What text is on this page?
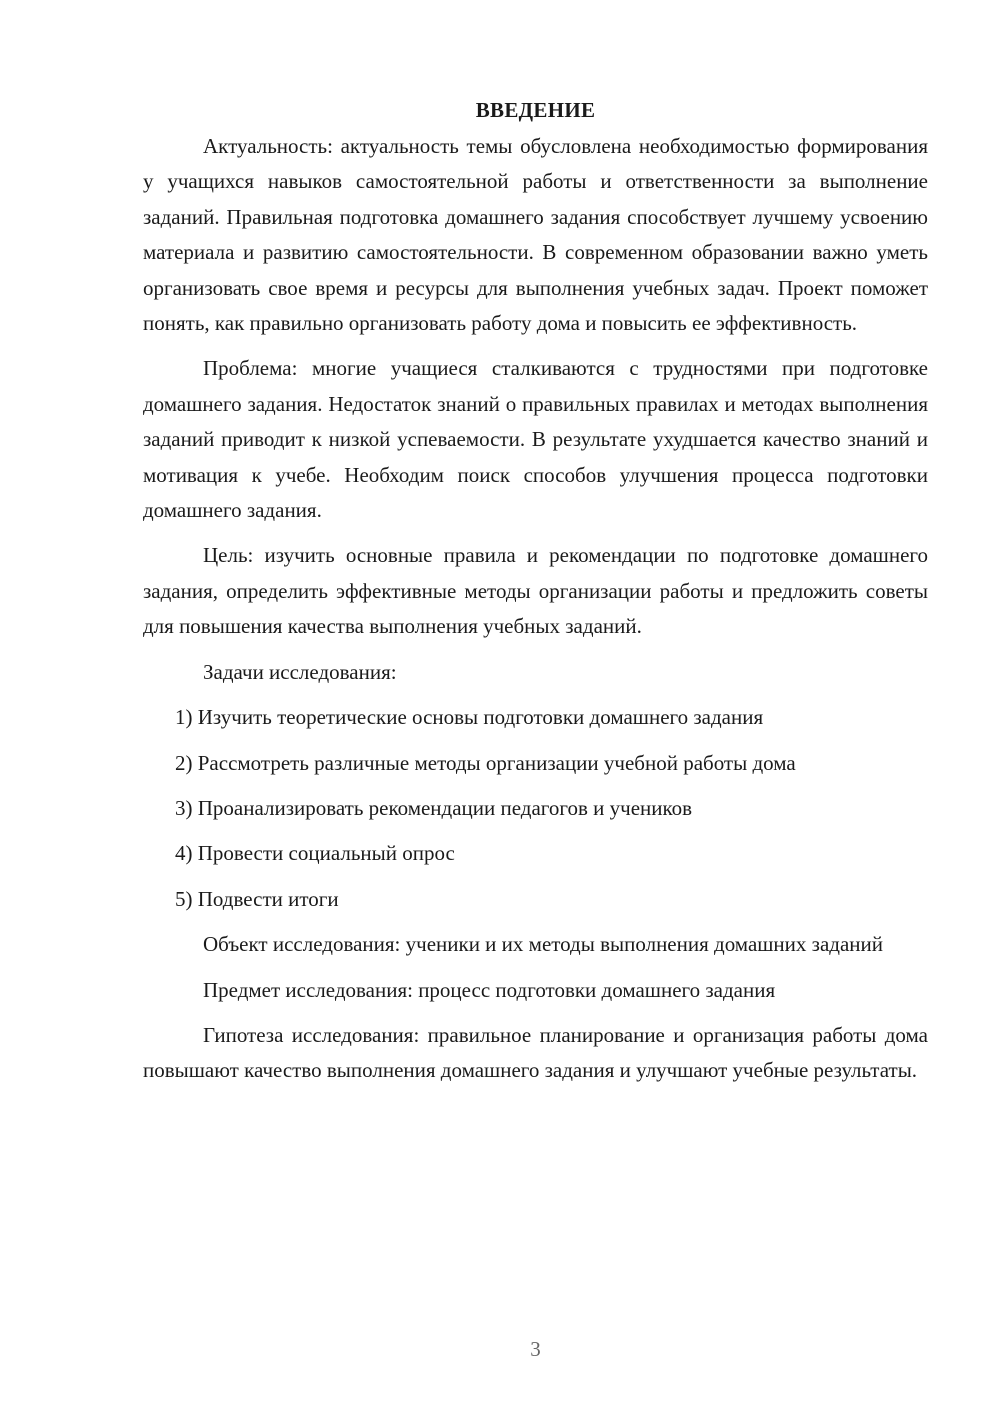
ВВЕДЕНИЕ

Актуальность: актуальность темы обусловлена необходимостью формирования у учащихся навыков самостоятельной работы и ответственности за выполнение заданий. Правильная подготовка домашнего задания способствует лучшему усвоению материала и развитию самостоятельности. В современном образовании важно уметь организовать свое время и ресурсы для выполнения учебных задач. Проект поможет понять, как правильно организовать работу дома и повысить ее эффективность.

Проблема: многие учащиеся сталкиваются с трудностями при подготовке домашнего задания. Недостаток знаний о правильных правилах и методах выполнения заданий приводит к низкой успеваемости. В результате ухудшается качество знаний и мотивация к учебе. Необходим поиск способов улучшения процесса подготовки домашнего задания.

Цель: изучить основные правила и рекомендации по подготовке домашнего задания, определить эффективные методы организации работы и предложить советы для повышения качества выполнения учебных заданий.

Задачи исследования:

1) Изучить теоретические основы подготовки домашнего задания
2) Рассмотреть различные методы организации учебной работы дома
3) Проанализировать рекомендации педагогов и учеников
4) Провести социальный опрос
5) Подвести итоги

Объект исследования: ученики и их методы выполнения домашних заданий

Предмет исследования: процесс подготовки домашнего задания

Гипотеза исследования: правильное планирование и организация работы дома повышают качество выполнения домашнего задания и улучшают учебные результаты.

3
